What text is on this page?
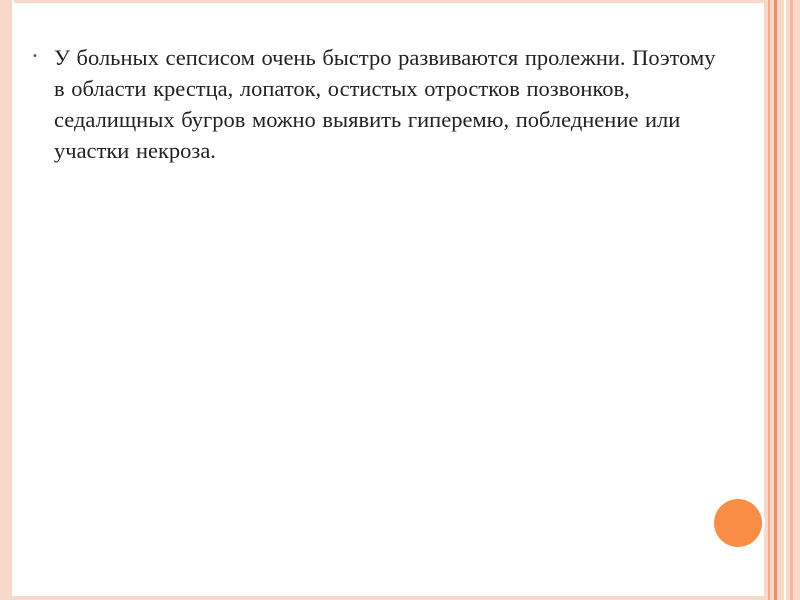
• У больных сепсисом очень быстро развиваются пролежни. Поэтому в области крестца, лопаток, остистых отростков позвонков, седалищных бугров можно выявить гиперемю, побледнение или участки некроза.
